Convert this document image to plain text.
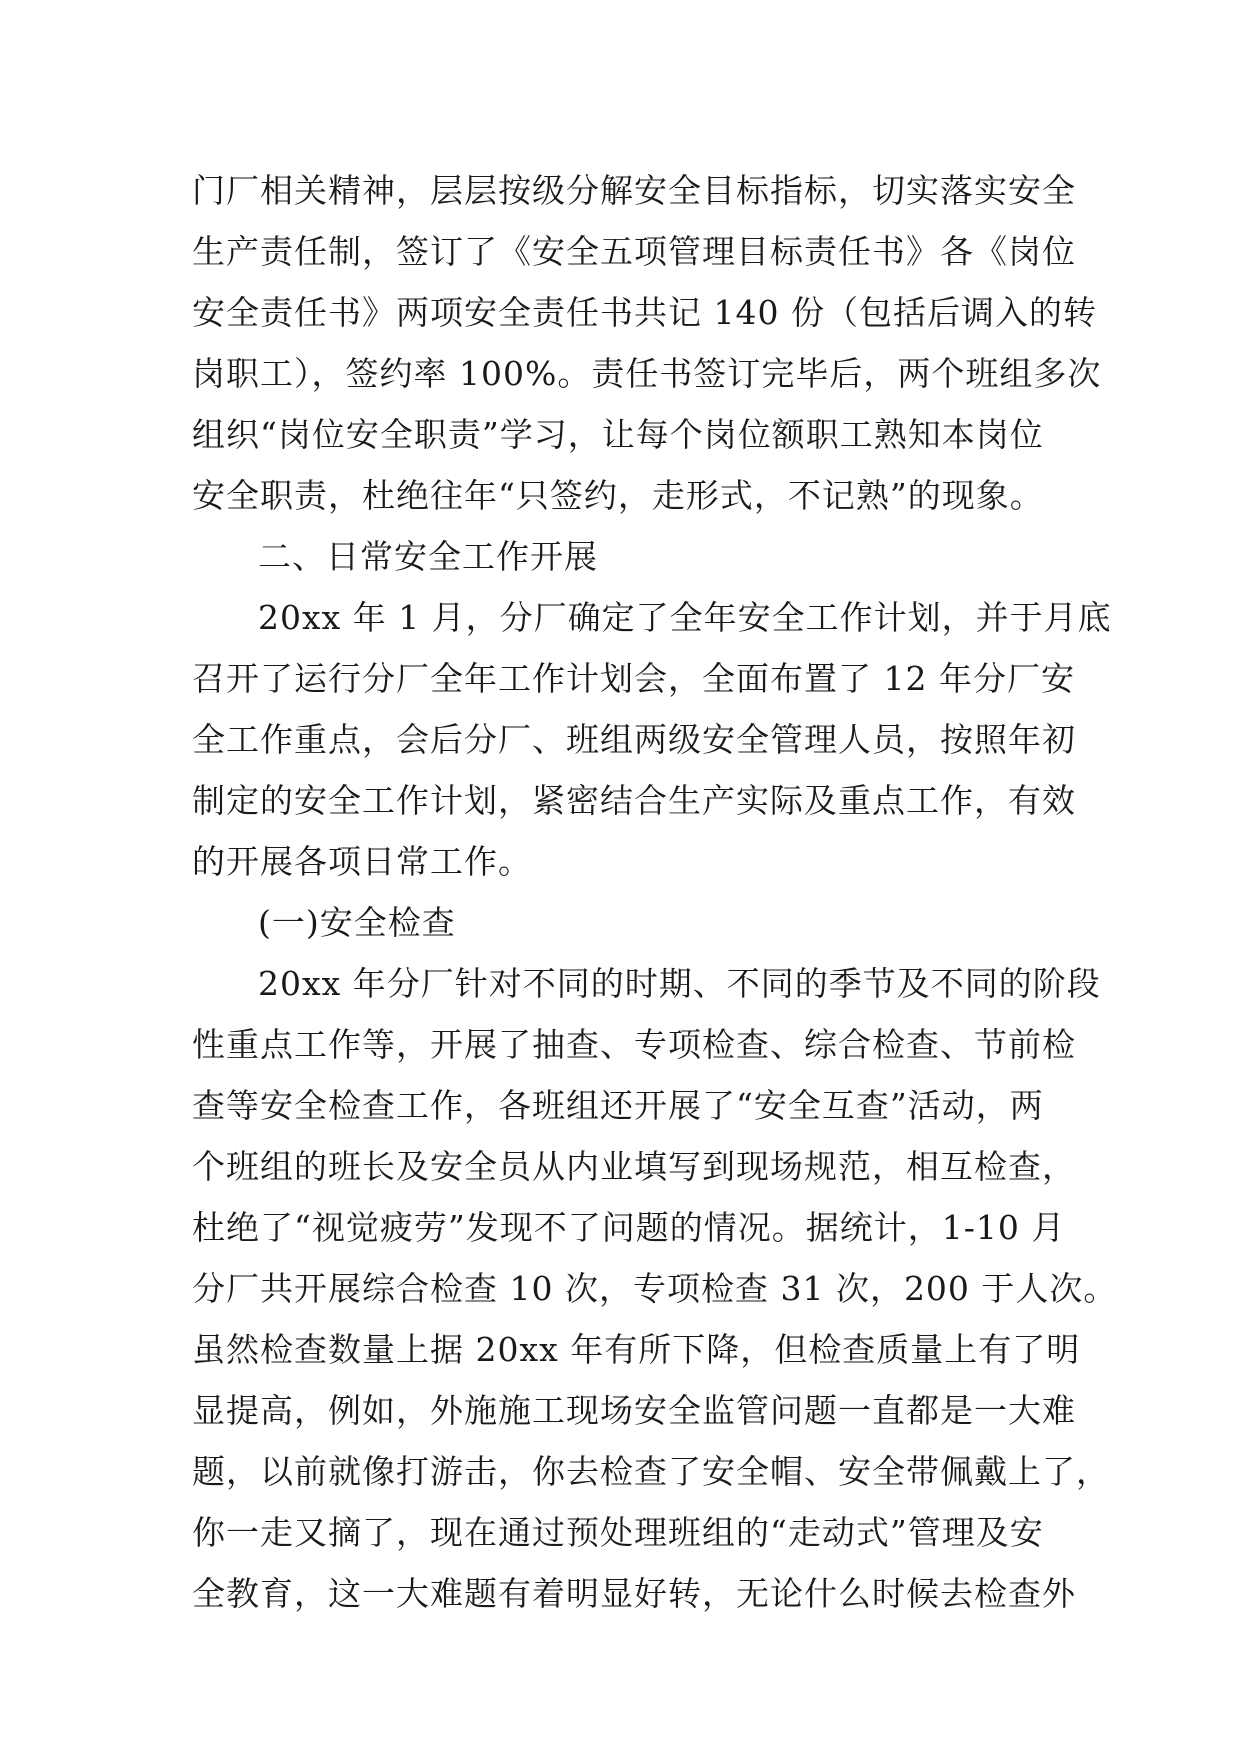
门厂相关精神，层层按级分解安全目标指标，切实落实安全
生产责任制，签订了《安全五项管理目标责任书》各《岗位
安全责任书》两项安全责任书共记 140 份（包括后调入的转
岗职工），签约率 100%。责任书签订完毕后，两个班组多次
组织“岗位安全职责”学习，让每个岗位额职工熟知本岗位
安全职责，杜绝往年“只签约，走形式，不记熟”的现象。
二、日常安全工作开展
20xx 年 1 月，分厂确定了全年安全工作计划，并于月底
召开了运行分厂全年工作计划会，全面布置了 12 年分厂安
全工作重点，会后分厂、班组两级安全管理人员，按照年初
制定的安全工作计划，紧密结合生产实际及重点工作，有效
的开展各项日常工作。
(一)安全检查
20xx 年分厂针对不同的时期、不同的季节及不同的阶段
性重点工作等，开展了抽查、专项检查、综合检查、节前检
查等安全检查工作，各班组还开展了“安全互查”活动，两
个班组的班长及安全员从内业填写到现场规范，相互检查，
杜绝了“视觉疲劳”发现不了问题的情况。据统计，1-10 月
分厂共开展综合检查 10 次，专项检查 31 次，200 于人次。
虽然检查数量上据 20xx 年有所下降，但检查质量上有了明
显提高，例如，外施施工现场安全监管问题一直都是一大难
题，以前就像打游击，你去检查了安全帽、安全带佩戴上了，
你一走又摘了，现在通过预处理班组的“走动式”管理及安
全教育，这一大难题有着明显好转，无论什么时候去检查外
